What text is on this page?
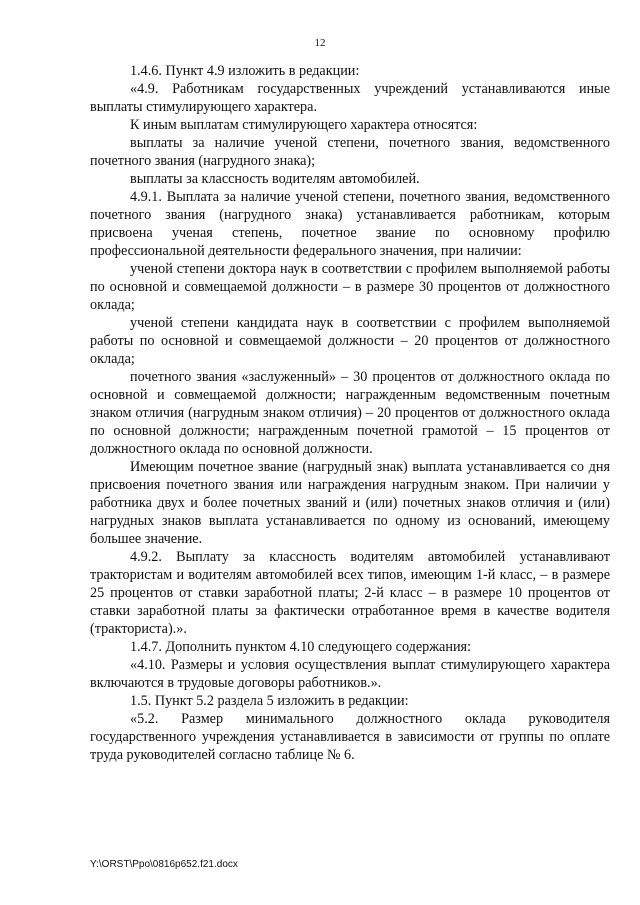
12

1.4.6. Пункт 4.9 изложить в редакции:

«4.9. Работникам государственных учреждений устанавливаются иные выплаты стимулирующего характера.

К иным выплатам стимулирующего характера относятся:

выплаты за наличие ученой степени, почетного звания, ведомственного почетного звания (нагрудного знака);

выплаты за классность водителям автомобилей.

4.9.1. Выплата за наличие ученой степени, почетного звания, ведомственного почетного звания (нагрудного знака) устанавливается работникам, которым присвоена ученая степень, почетное звание по основному профилю профессиональной деятельности федерального значения, при наличии:

ученой степени доктора наук в соответствии с профилем выполняемой работы по основной и совмещаемой должности – в размере 30 процентов от должностного оклада;

ученой степени кандидата наук в соответствии с профилем выполняемой работы по основной и совмещаемой должности – 20 процентов от должностного оклада;

почетного звания «заслуженный» – 30 процентов от должностного оклада по основной и совмещаемой должности; награжденным ведомственным почетным знаком отличия (нагрудным знаком отличия) – 20 процентов от должностного оклада по основной должности; награжденным почетной грамотой – 15 процентов от должностного оклада по основной должности.

Имеющим почетное звание (нагрудный знак) выплата устанавливается со дня присвоения почетного звания или награждения нагрудным знаком. При наличии у работника двух и более почетных званий и (или) почетных знаков отличия и (или) нагрудных знаков выплата устанавливается по одному из оснований, имеющему большее значение.

4.9.2. Выплату за классность водителям автомобилей устанавливают трактористам и водителям автомобилей всех типов, имеющим 1-й класс, – в размере 25 процентов от ставки заработной платы; 2-й класс – в размере 10 процентов от ставки заработной платы за фактически отработанное время в качестве водителя (тракториста).».

1.4.7. Дополнить пунктом 4.10 следующего содержания:

«4.10. Размеры и условия осуществления выплат стимулирующего характера включаются в трудовые договоры работников.».

1.5. Пункт 5.2 раздела 5 изложить в редакции:

«5.2. Размер минимального должностного оклада руководителя государственного учреждения устанавливается в зависимости от группы по оплате труда руководителей согласно таблице № 6.

Y:\ORST\Ppo\0816p652.f21.docx
